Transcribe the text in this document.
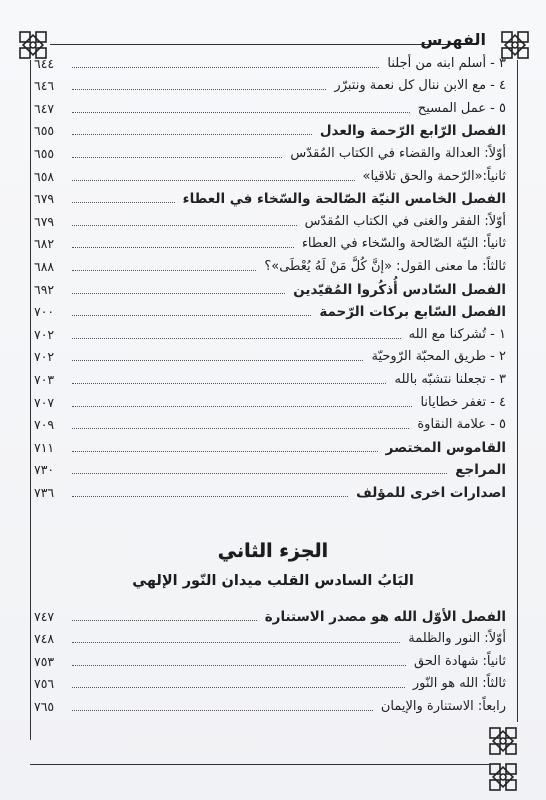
الفهرس
٣ - أسلم ابنه من أجلنا
٦٤٤
٤ - مع الابن ننال كل نعمة ونتبرّر
٦٤٦
٥ - عمل المسيح
٦٤٧
الفصل الرّابع الرّحمة والعدل
٦٥٥
أوّلاً: العدالة والقضاء في الكتاب المُقدّس
٦٥٥
ثانياً:«الرّحمة والحق تلاقيا»
٦٥٨
الفصل الخامس النيّة الصّالحة والسّخاء في العطاء
٦٧٩
أوّلاً: الفقر والغنى في الكتاب المُقدّس
٦٧٩
ثانياً: النيّة الصّالحة والسّخاء في العطاء
٦٨٢
ثالثاً: ما معنى القول: «إنَّ كُلَّ مَنْ لَهُ يُعْطَى»؟
٦٨٨
الفصل السّادس أُذكُروا المُقيّدين
٦٩٢
الفصل السّابع بركات الرّحمة
٧٠٠
١ - تُشركنا مع الله
٧٠٢
٢ - طريق المحبّة الرّوحيّة
٧٠٢
٣ - تجعلنا نتشبّه بالله
٧٠٣
٤ - تغفر خطايانا
٧٠٧
٥ - علامة النقاوة
٧٠٩
القاموس المختصر
٧١١
المراجع
٧٣٠
اصدارات اخرى للمؤلف
٧٣٦
الجزء الثاني
البَابُ السادس القلب ميدان النّور الإلهي
الفصل الأوّل الله هو مصدر الاستنارة
٧٤٧
أوّلاً: النور والظلمة
٧٤٨
ثانياً: شهادة الحق
٧٥٣
ثالثاً: الله هو النّور
٧٥٦
رابعاً: الاستنارة والإيمان
٧٦٥
